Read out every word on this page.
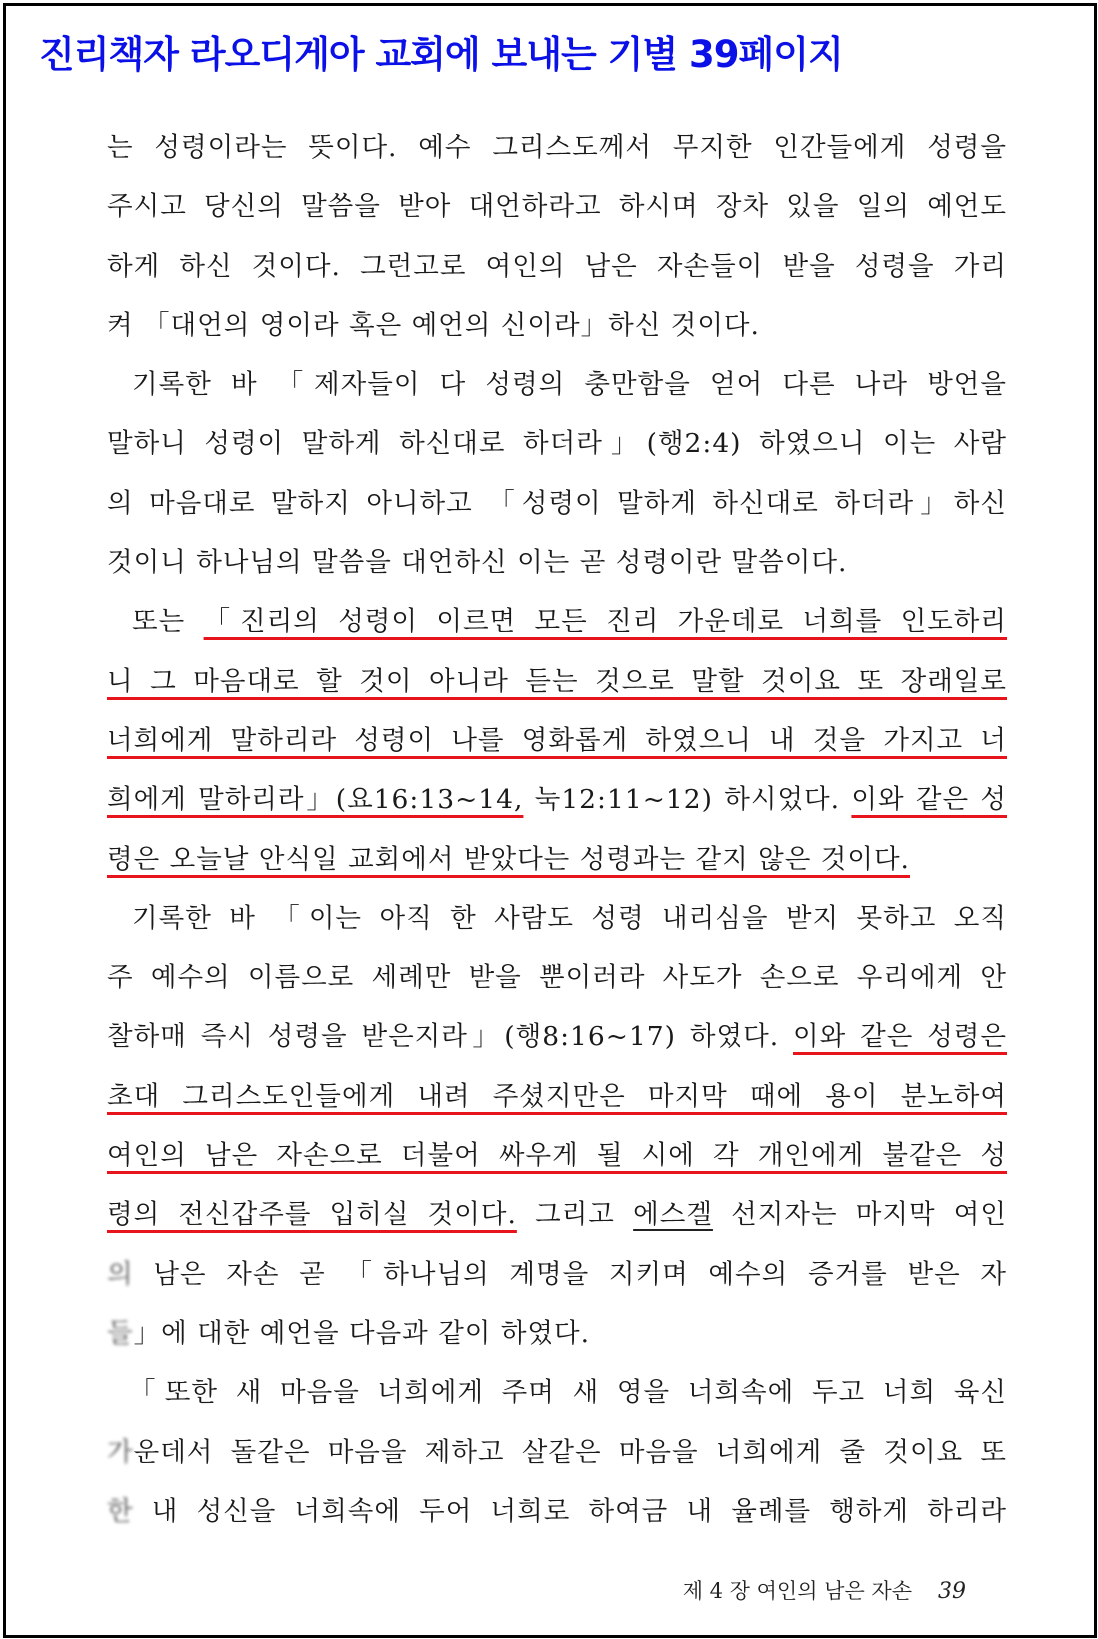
진리책자 라오디게아 교회에 보내는 기별 39페이지
는 성령이라는 뜻이다. 예수 그리스도께서 무지한 인간들에게 성령을
주시고 당신의 말씀을 받아 대언하라고 하시며 장차 있을 일의 예언도
하게 하신 것이다. 그런고로 여인의 남은 자손들이 받을 성령을 가리
켜 「대언의 영이라 혹은 예언의 신이라」하신 것이다.
기록한 바 「제자들이 다 성령의 충만함을 얻어 다른 나라 방언을
말하니 성령이 말하게 하신대로 하더라」(행2:4) 하였으니 이는 사람
의 마음대로 말하지 아니하고 「성령이 말하게 하신대로 하더라」하신
것이니 하나님의 말씀을 대언하신 이는 곧 성령이란 말씀이다.
또는 「진리의 성령이 이르면 모든 진리 가운데로 너희를 인도하리
니 그 마음대로 할 것이 아니라 듣는 것으로 말할 것이요 또 장래일로
너희에게 말하리라 성령이 나를 영화롭게 하였으니 내 것을 가지고 너
희에게 말하리라」(요16:13~14, 눅12:11~12) 하시었다. 이와 같은 성
령은 오늘날 안식일 교회에서 받았다는 성령과는 같지 않은 것이다.
기록한 바 「이는 아직 한 사람도 성령 내리심을 받지 못하고 오직
주 예수의 이름으로 세례만 받을 뿐이러라 사도가 손으로 우리에게 안
찰하매 즉시 성령을 받은지라」(행8:16~17) 하였다. 이와 같은 성령은
초대 그리스도인들에게 내려 주셨지만은 마지막 때에 용이 분노하여
여인의 남은 자손으로 더불어 싸우게 될 시에 각 개인에게 불같은 성
령의 전신갑주를 입히실 것이다. 그리고 에스겔 선지자는 마지막 여인
의 남은 자손 곧 「하나님의 계명을 지키며 예수의 증거를 받은 자
들」에 대한 예언을 다음과 같이 하였다.
「또한 새 마음을 너희에게 주며 새 영을 너희속에 두고 너희 육신
가운데서 돌같은 마음을 제하고 살같은 마음을 너희에게 줄 것이요 또
한 내 성신을 너희속에 두어 너희로 하여금 내 율례를 행하게 하리라
제 4 장 여인의 남은 자손 39
